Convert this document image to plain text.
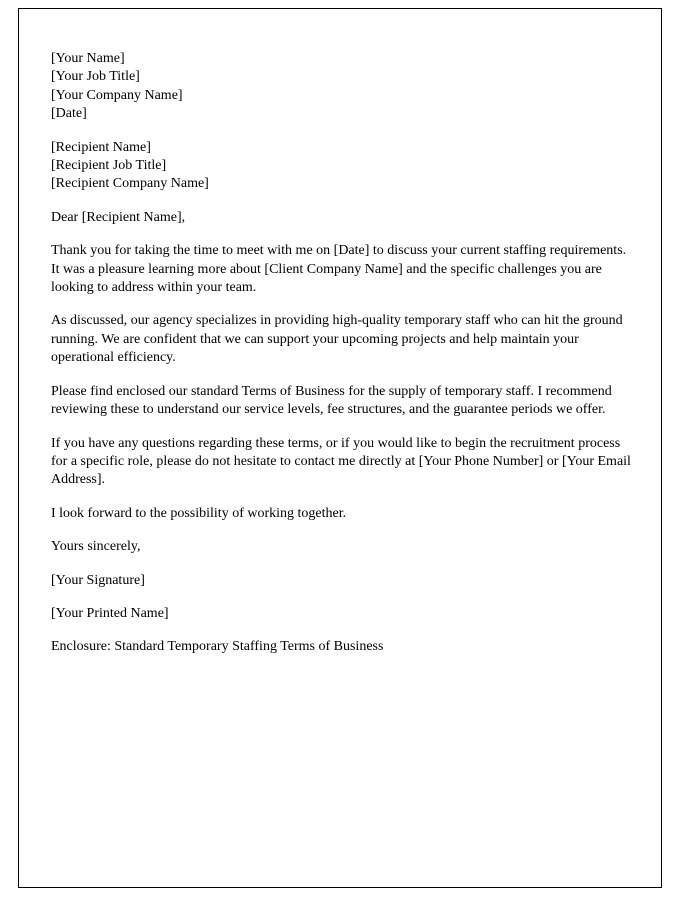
[Your Name]
[Your Job Title]
[Your Company Name]
[Date]
[Recipient Name]
[Recipient Job Title]
[Recipient Company Name]
Dear [Recipient Name],
Thank you for taking the time to meet with me on [Date] to discuss your current staffing requirements. It was a pleasure learning more about [Client Company Name] and the specific challenges you are looking to address within your team.
As discussed, our agency specializes in providing high-quality temporary staff who can hit the ground running. We are confident that we can support your upcoming projects and help maintain your operational efficiency.
Please find enclosed our standard Terms of Business for the supply of temporary staff. I recommend reviewing these to understand our service levels, fee structures, and the guarantee periods we offer.
If you have any questions regarding these terms, or if you would like to begin the recruitment process for a specific role, please do not hesitate to contact me directly at [Your Phone Number] or [Your Email Address].
I look forward to the possibility of working together.
Yours sincerely,
[Your Signature]
[Your Printed Name]
Enclosure: Standard Temporary Staffing Terms of Business
